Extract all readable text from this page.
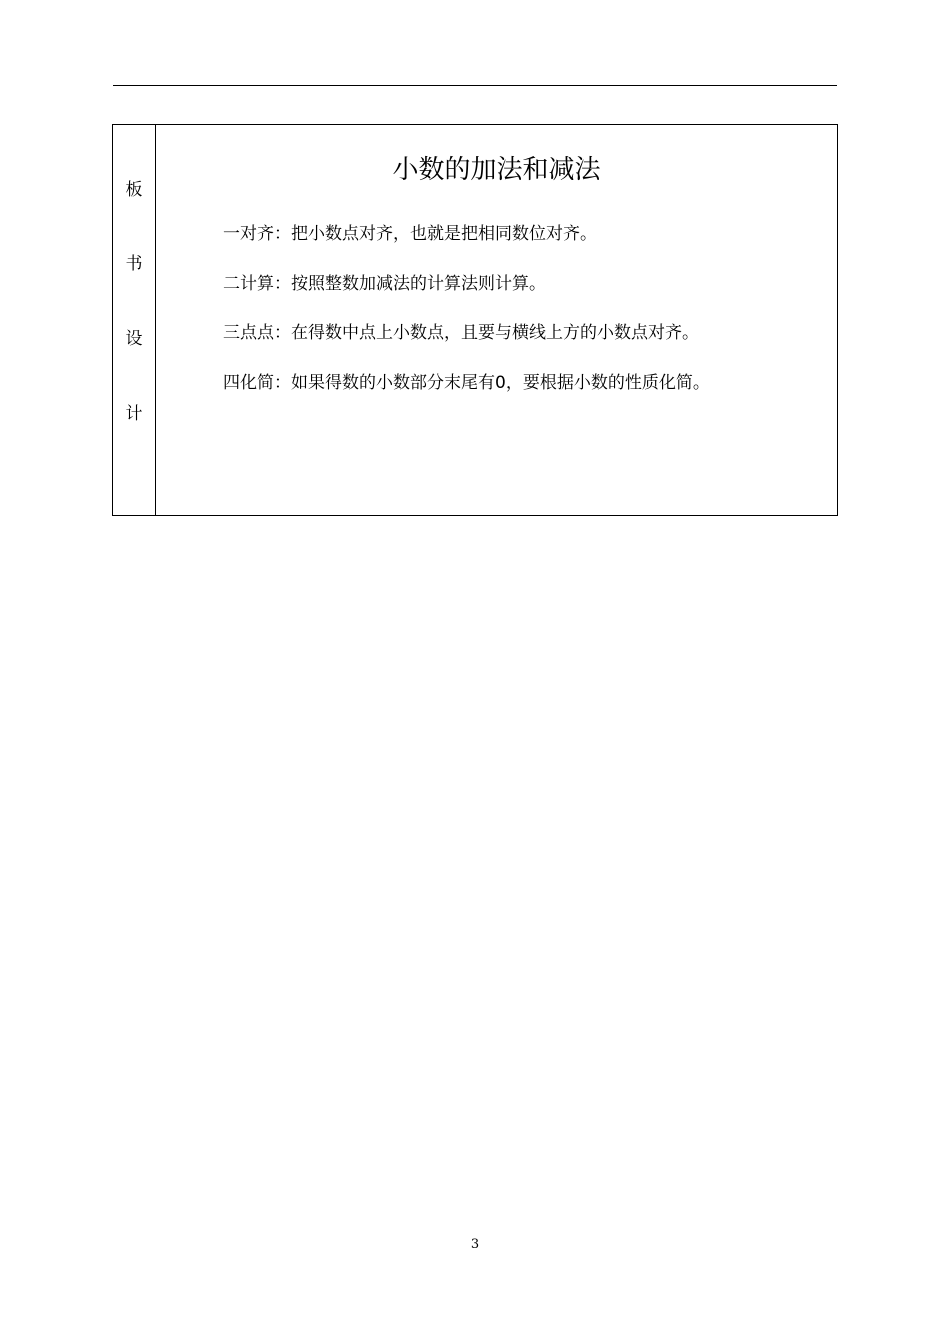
板
书
设
计
小数的加法和减法
一对齐：把小数点对齐，也就是把相同数位对齐。
二计算：按照整数加减法的计算法则计算。
三点点：在得数中点上小数点，且要与横线上方的小数点对齐。
四化简：如果得数的小数部分末尾有0，要根据小数的性质化简。
3
